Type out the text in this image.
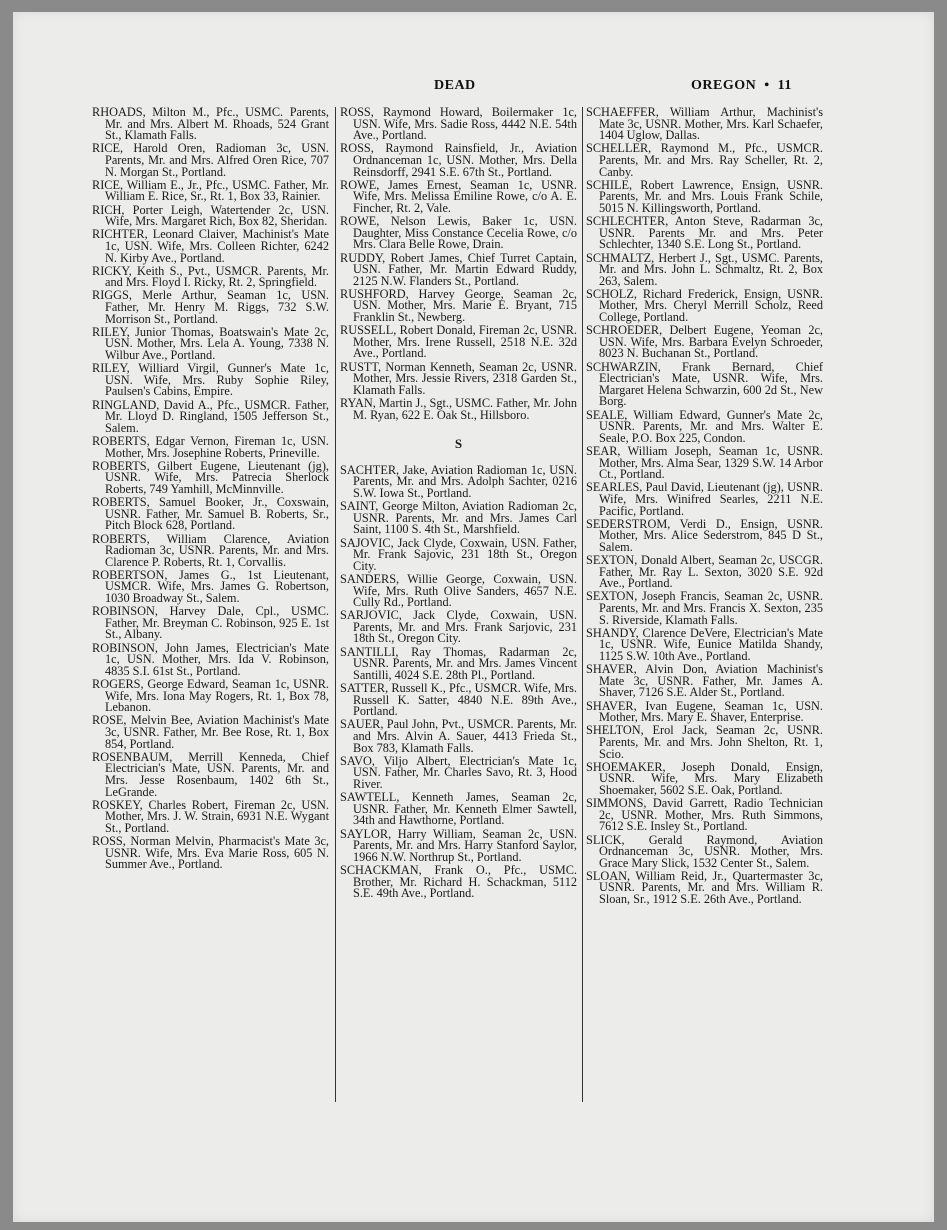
DEAD	OREGON • 11
RHOADS, Milton M., Pfc., USMC. Parents, Mr. and Mrs. Albert M. Rhoads, 524 Grant St., Klamath Falls.
RICE, Harold Oren, Radioman 3c, USN. Parents, Mr. and Mrs. Alfred Oren Rice, 707 N. Morgan St., Portland.
RICE, William E., Jr., Pfc., USMC. Father, Mr. William E. Rice, Sr., Rt. 1, Box 33, Rainier.
RICH, Porter Leigh, Watertender 2c, USN. Wife, Mrs. Margaret Rich, Box 82, Sheridan.
RICHTER, Leonard Claiver, Machinist's Mate 1c, USN. Wife, Mrs. Colleen Richter, 6242 N. Kirby Ave., Portland.
RICKY, Keith S., Pvt., USMCR. Parents, Mr. and Mrs. Floyd I. Ricky, Rt. 2, Springfield.
RIGGS, Merle Arthur, Seaman 1c, USN. Father, Mr. Henry M. Riggs, 732 S.W. Morrison St., Portland.
RILEY, Junior Thomas, Boatswain's Mate 2c, USN. Mother, Mrs. Lela A. Young, 7338 N. Wilbur Ave., Portland.
RILEY, Williard Virgil, Gunner's Mate 1c, USN. Wife, Mrs. Ruby Sophie Riley, Paulsen's Cabins, Empire.
RINGLAND, David A., Pfc., USMCR. Father, Mr. Lloyd D. Ringland, 1505 Jefferson St., Salem.
ROBERTS, Edgar Vernon, Fireman 1c, USN. Mother, Mrs. Josephine Roberts, Prineville.
ROBERTS, Gilbert Eugene, Lieutenant (jg), USNR. Wife, Mrs. Patrecia Sherlock Roberts, 749 Yamhill, McMinnville.
ROBERTS, Samuel Booker, Jr., Coxswain, USNR. Father, Mr. Samuel B. Roberts, Sr., Pitch Block 628, Portland.
ROBERTS, William Clarence, Aviation Radioman 3c, USNR. Parents, Mr. and Mrs. Clarence P. Roberts, Rt. 1, Corvallis.
ROBERTSON, James G., 1st Lieutenant, USMCR. Wife, Mrs. James G. Robertson, 1030 Broadway St., Salem.
ROBINSON, Harvey Dale, Cpl., USMC. Father, Mr. Breyman C. Robinson, 925 E. 1st St., Albany.
ROBINSON, John James, Electrician's Mate 1c, USN. Mother, Mrs. Ida V. Robinson, 4835 S.I. 61st St., Portland.
ROGERS, George Edward, Seaman 1c, USNR. Wife, Mrs. Iona May Rogers, Rt. 1, Box 78, Lebanon.
ROSE, Melvin Bee, Aviation Machinist's Mate 3c, USNR. Father, Mr. Bee Rose, Rt. 1, Box 854, Portland.
ROSENBAUM, Merrill Kenneda, Chief Electrician's Mate, USN. Parents, Mr. and Mrs. Jesse Rosenbaum, 1402 6th St., LeGrande.
ROSKEY, Charles Robert, Fireman 2c, USN. Mother, Mrs. J. W. Strain, 6931 N.E. Wygant St., Portland.
ROSS, Norman Melvin, Pharmacist's Mate 3c, USNR. Wife, Mrs. Eva Marie Ross, 605 N. Summer Ave., Portland.
ROSS, Raymond Howard, Boilermaker 1c, USN. Wife, Mrs. Sadie Ross, 4442 N.E. 54th Ave., Portland.
ROSS, Raymond Rainsfield, Jr., Aviation Ordnanceman 1c, USN. Mother, Mrs. Della Reinsdorff, 2941 S.E. 67th St., Portland.
ROWE, James Ernest, Seaman 1c, USNR. Wife, Mrs. Melissa Emiline Rowe, c/o A. E. Fincher, Rt. 2, Vale.
ROWE, Nelson Lewis, Baker 1c, USN. Daughter, Miss Constance Cecelia Rowe, c/o Mrs. Clara Belle Rowe, Drain.
RUDDY, Robert James, Chief Turret Captain, USN. Father, Mr. Martin Edward Ruddy, 2125 N.W. Flanders St., Portland.
RUSHFORD, Harvey George, Seaman 2c, USN. Mother, Mrs. Marie E. Bryant, 715 Franklin St., Newberg.
RUSSELL, Robert Donald, Fireman 2c, USNR. Mother, Mrs. Irene Russell, 2518 N.E. 32d Ave., Portland.
RUSTT, Norman Kenneth, Seaman 2c, USNR. Mother, Mrs. Jessie Rivers, 2318 Garden St., Klamath Falls.
RYAN, Martin J., Sgt., USMC. Father, Mr. John M. Ryan, 622 E. Oak St., Hillsboro.
S
SACHTER, Jake, Aviation Radioman 1c, USN. Parents, Mr. and Mrs. Adolph Sachter, 0216 S.W. Iowa St., Portland.
SAINT, George Milton, Aviation Radioman 2c, USNR. Parents, Mr. and Mrs. James Carl Saint, 1100 S. 4th St., Marshfield.
SAJOVIC, Jack Clyde, Coxwain, USN. Father, Mr. Frank Sajovic, 231 18th St., Oregon City.
SANDERS, Willie George, Coxwain, USN. Wife, Mrs. Ruth Olive Sanders, 4657 N.E. Cully Rd., Portland.
SARJOVIC, Jack Clyde, Coxwain, USN. Parents, Mr. and Mrs. Frank Sarjovic, 231 18th St., Oregon City.
SANTILLI, Ray Thomas, Radarman 2c, USNR. Parents, Mr. and Mrs. James Vincent Santilli, 4024 S.E. 28th Pl., Portland.
SATTER, Russell K., Pfc., USMCR. Wife, Mrs. Russell K. Satter, 4840 N.E. 89th Ave., Portland.
SAUER, Paul John, Pvt., USMCR. Parents, Mr. and Mrs. Alvin A. Sauer, 4413 Frieda St., Box 783, Klamath Falls.
SAVO, Viljo Albert, Electrician's Mate 1c, USN. Father, Mr. Charles Savo, Rt. 3, Hood River.
SAWTELL, Kenneth James, Seaman 2c, USNR. Father, Mr. Kenneth Elmer Sawtell, 34th and Hawthorne, Portland.
SAYLOR, Harry William, Seaman 2c, USN. Parents, Mr. and Mrs. Harry Stanford Saylor, 1966 N.W. Northrup St., Portland.
SCHACKMAN, Frank O., Pfc., USMC. Brother, Mr. Richard H. Schackman, 5112 S.E. 49th Ave., Portland.
SCHAEFFER, William Arthur, Machinist's Mate 3c, USNR. Mother, Mrs. Karl Schaefer, 1404 Uglow, Dallas.
SCHELLER, Raymond M., Pfc., USMCR. Parents, Mr. and Mrs. Ray Scheller, Rt. 2, Canby.
SCHILE, Robert Lawrence, Ensign, USNR. Parents, Mr. and Mrs. Louis Frank Schile, 5015 N. Killingsworth, Portland.
SCHLECHTER, Anton Steve, Radarman 3c, USNR. Parents Mr. and Mrs. Peter Schlechter, 1340 S.E. Long St., Portland.
SCHMALTZ, Herbert J., Sgt., USMC. Parents, Mr. and Mrs. John L. Schmaltz, Rt. 2, Box 263, Salem.
SCHOLZ, Richard Frederick, Ensign, USNR. Mother, Mrs. Cheryl Merrill Scholz, Reed College, Portland.
SCHROEDER, Delbert Eugene, Yeoman 2c, USN. Wife, Mrs. Barbara Evelyn Schroeder, 8023 N. Buchanan St., Portland.
SCHWARZIN, Frank Bernard, Chief Electrician's Mate, USNR. Wife, Mrs. Margaret Helena Schwarzin, 600 2d St., New Borg.
SEALE, William Edward, Gunner's Mate 2c, USNR. Parents, Mr. and Mrs. Walter E. Seale, P.O. Box 225, Condon.
SEAR, William Joseph, Seaman 1c, USNR. Mother, Mrs. Alma Sear, 1329 S.W. 14 Arbor Ct., Portland.
SEARLES, Paul David, Lieutenant (jg), USNR. Wife, Mrs. Winifred Searles, 2211 N.E. Pacific, Portland.
SEDERSTROM, Verdi D., Ensign, USNR. Mother, Mrs. Alice Sederstrom, 845 D St., Salem.
SEXTON, Donald Albert, Seaman 2c, USCGR. Father, Mr. Ray L. Sexton, 3020 S.E. 92d Ave., Portland.
SEXTON, Joseph Francis, Seaman 2c, USNR. Parents, Mr. and Mrs. Francis X. Sexton, 235 S. Riverside, Klamath Falls.
SHANDY, Clarence DeVere, Electrician's Mate 1c, USNR. Wife, Eunice Matilda Shandy, 1125 S.W. 10th Ave., Portland.
SHAVER, Alvin Don, Aviation Machinist's Mate 3c, USNR. Father, Mr. James A. Shaver, 7126 S.E. Alder St., Portland.
SHAVER, Ivan Eugene, Seaman 1c, USN. Mother, Mrs. Mary E. Shaver, Enterprise.
SHELTON, Erol Jack, Seaman 2c, USNR. Parents, Mr. and Mrs. John Shelton, Rt. 1, Scio.
SHOEMAKER, Joseph Donald, Ensign, USNR. Wife, Mrs. Mary Elizabeth Shoemaker, 5602 S.E. Oak, Portland.
SIMMONS, David Garrett, Radio Technician 2c, USNR. Mother, Mrs. Ruth Simmons, 7612 S.E. Insley St., Portland.
SLICK, Gerald Raymond, Aviation Ordnanceman 3c, USNR. Mother, Mrs. Grace Mary Slick, 1532 Center St., Salem.
SLOAN, William Reid, Jr., Quartermaster 3c, USNR. Parents, Mr. and Mrs. William R. Sloan, Sr., 1912 S.E. 26th Ave., Portland.
